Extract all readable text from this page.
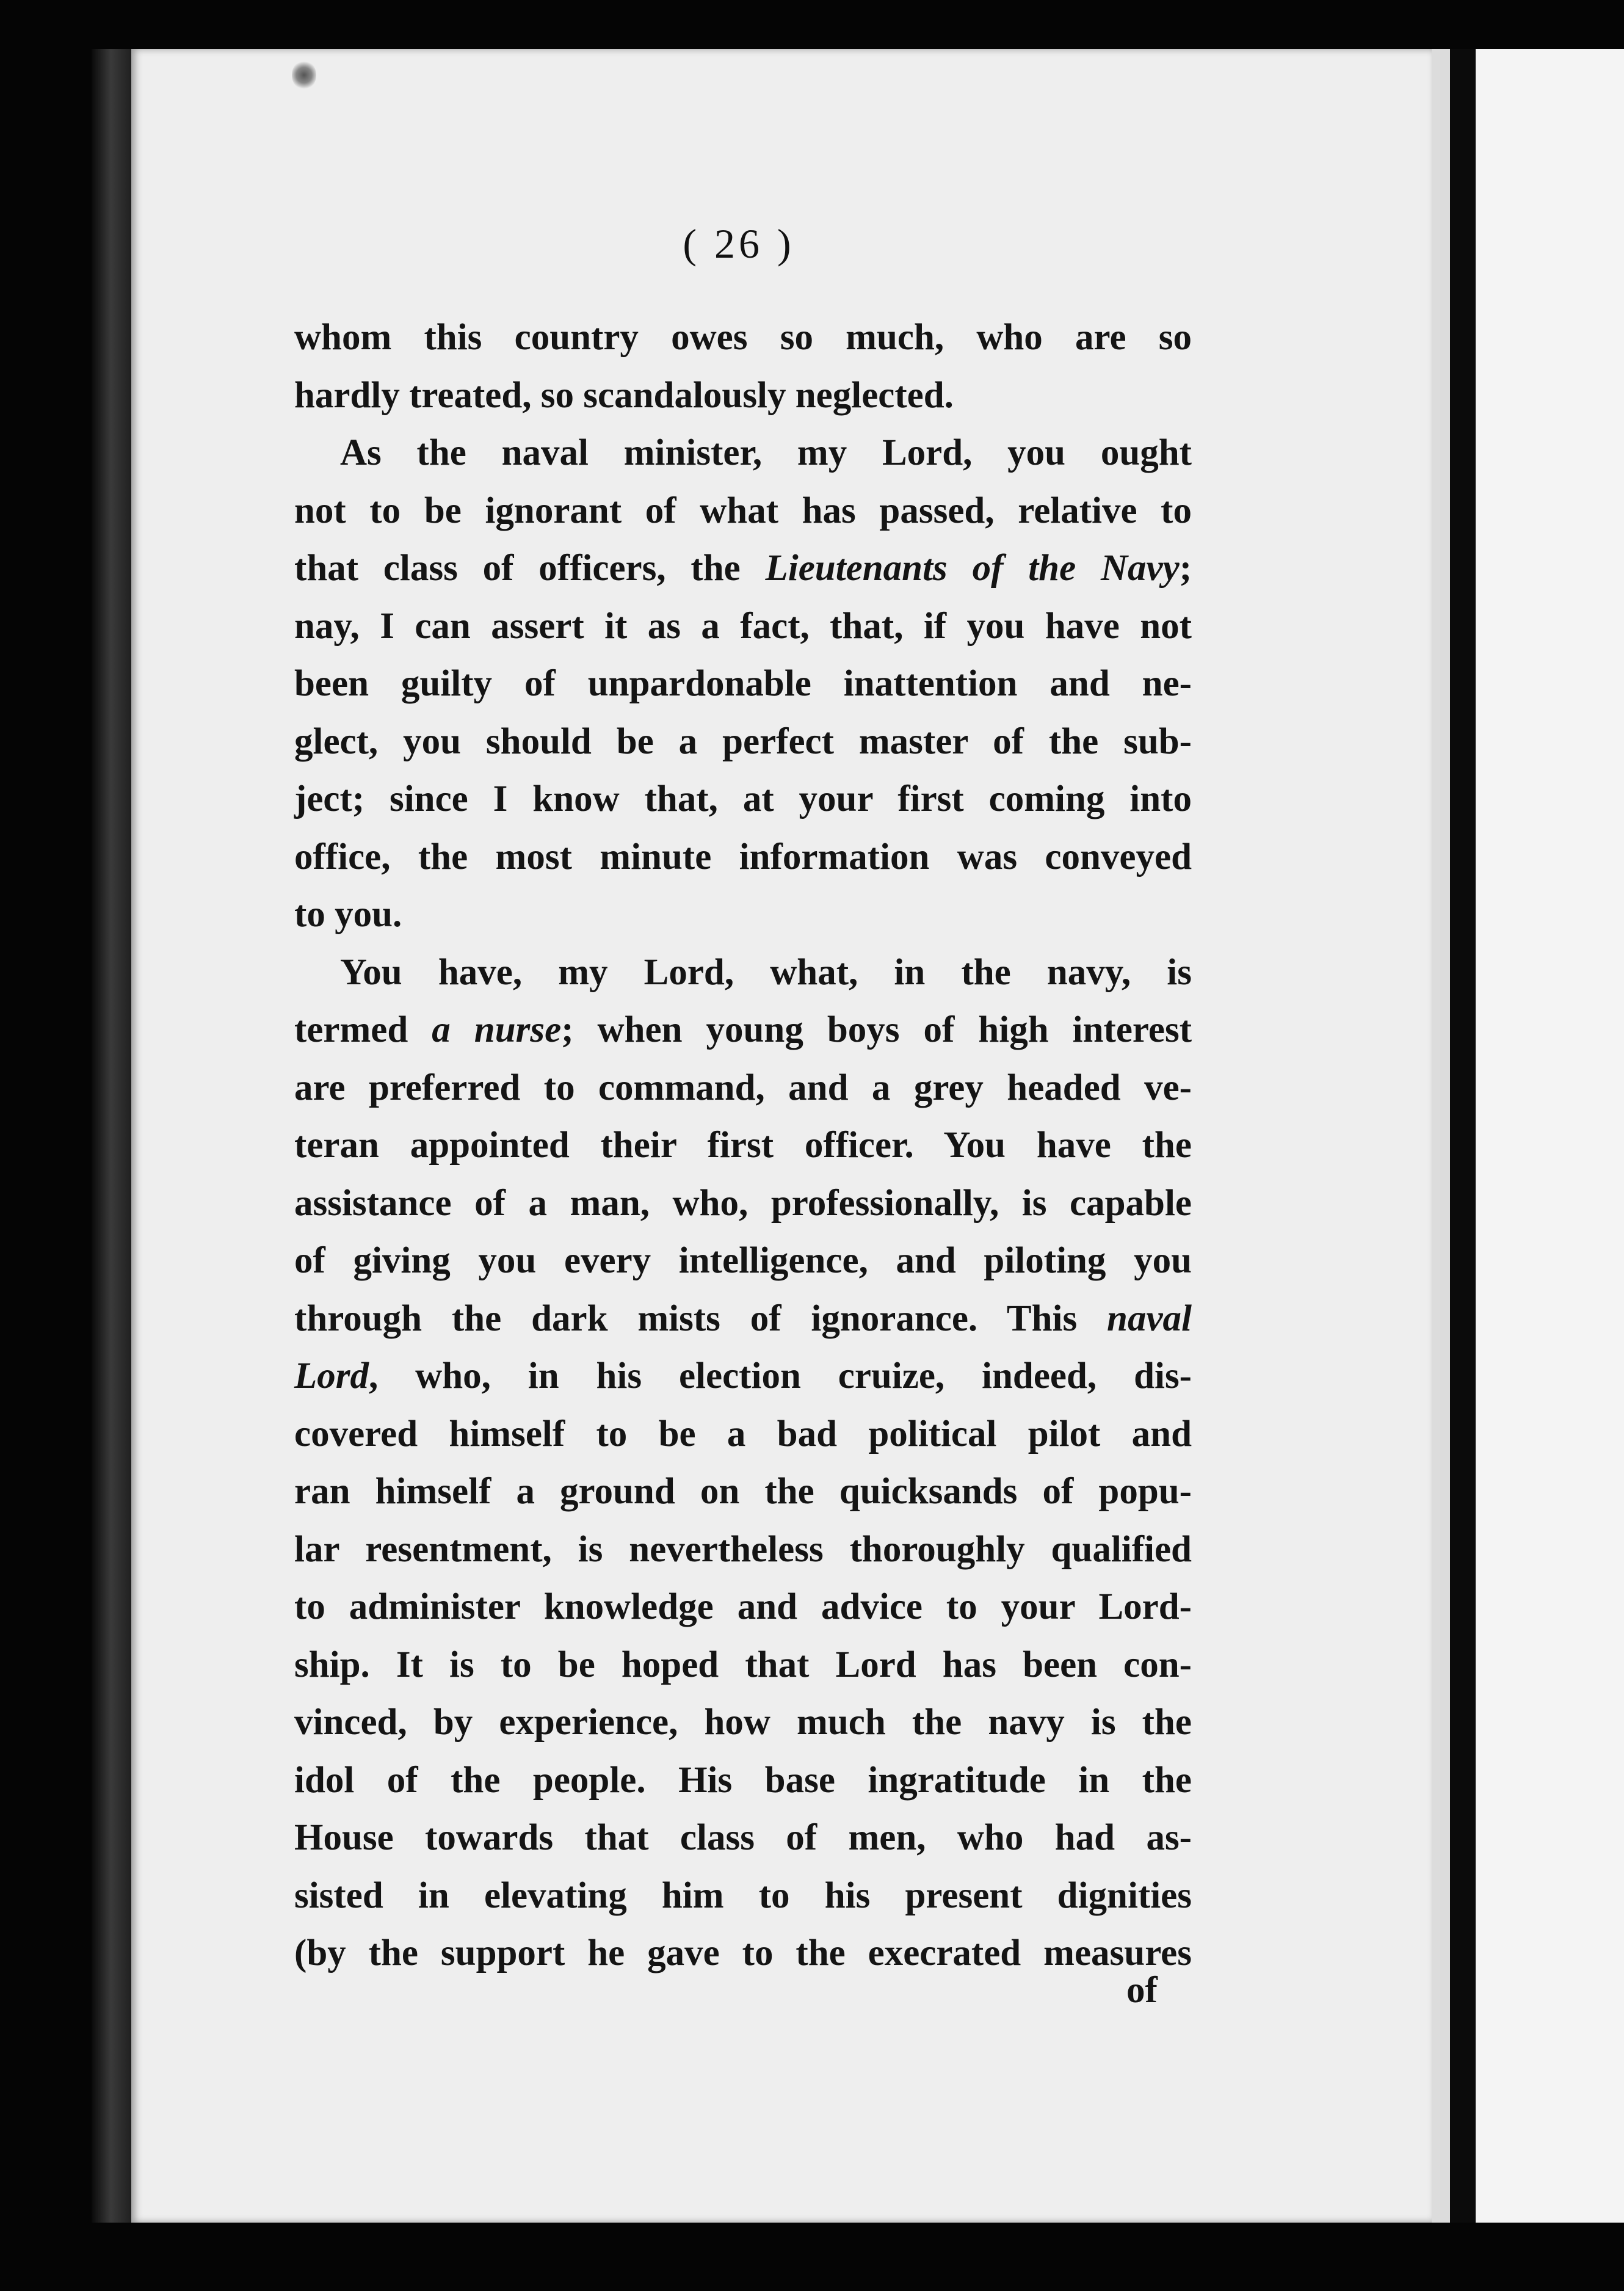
( 26 )
whom this country owes so much, who are so
hardly treated, so scandalously neglected.
As the naval minister, my Lord, you ought
not to be ignorant of what has passed, relative to
that class of officers, the Lieutenants of the Navy;
nay, I can assert it as a fact, that, if you have not
been guilty of unpardonable inattention and ne-
glect, you should be a perfect master of the sub-
ject; since I know that, at your first coming into
office, the most minute information was conveyed
to you.
You have, my Lord, what, in the navy, is
termed a nurse; when young boys of high interest
are preferred to command, and a grey headed ve-
teran appointed their first officer. You have the
assistance of a man, who, professionally, is capable
of giving you every intelligence, and piloting you
through the dark mists of ignorance. This naval
Lord, who, in his election cruize, indeed, dis-
covered himself to be a bad political pilot and
ran himself a ground on the quicksands of popu-
lar resentment, is nevertheless thoroughly qualified
to administer knowledge and advice to your Lord-
ship. It is to be hoped that Lord has been con-
vinced, by experience, how much the navy is the
idol of the people. His base ingratitude in the
House towards that class of men, who had as-
sisted in elevating him to his present dignities
(by the support he gave to the execrated measures
of
